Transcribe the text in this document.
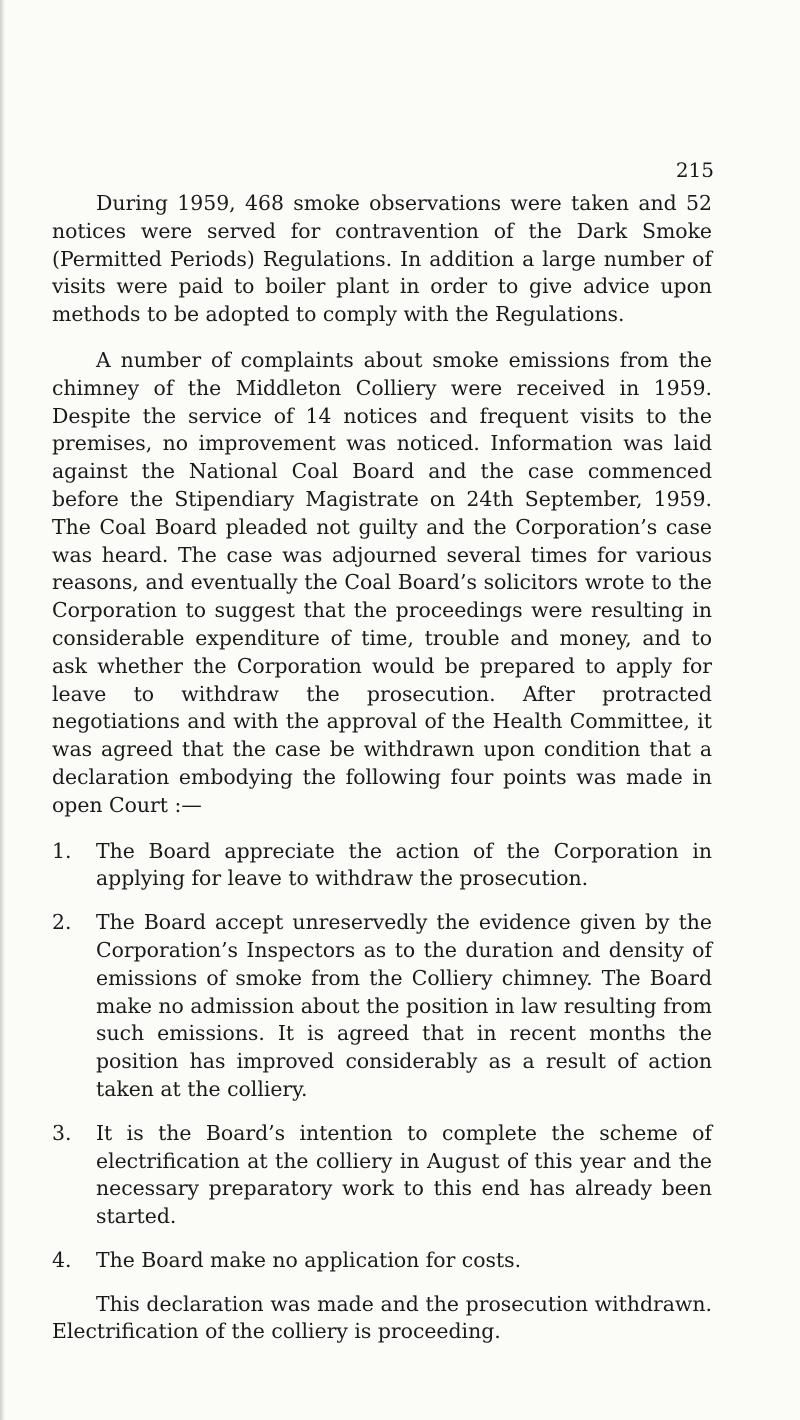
215

During 1959, 468 smoke observations were taken and 52 notices were served for contravention of the Dark Smoke (Permitted Periods) Regulations. In addition a large number of visits were paid to boiler plant in order to give advice upon methods to be adopted to comply with the Regulations.

A number of complaints about smoke emissions from the chimney of the Middleton Colliery were received in 1959. Despite the service of 14 notices and frequent visits to the premises, no improvement was noticed. Information was laid against the National Coal Board and the case commenced before the Stipendiary Magistrate on 24th September, 1959. The Coal Board pleaded not guilty and the Corporation’s case was heard. The case was adjourned several times for various reasons, and eventually the Coal Board’s solicitors wrote to the Corporation to suggest that the proceedings were resulting in considerable expenditure of time, trouble and money, and to ask whether the Corporation would be prepared to apply for leave to withdraw the prosecution. After protracted negotiations and with the approval of the Health Committee, it was agreed that the case be withdrawn upon condition that a declaration embodying the following four points was made in open Court :—

1.	The Board appreciate the action of the Corporation in applying for leave to withdraw the prosecution.
2.	The Board accept unreservedly the evidence given by the Corporation’s Inspectors as to the duration and density of emissions of smoke from the Colliery chimney. The Board make no admission about the position in law resulting from such emissions. It is agreed that in recent months the position has improved considerably as a result of action taken at the colliery.
3.	It is the Board’s intention to complete the scheme of electrification at the colliery in August of this year and the necessary preparatory work to this end has already been started.
4.	The Board make no application for costs.

This declaration was made and the prosecution withdrawn. Electrification of the colliery is proceeding.
